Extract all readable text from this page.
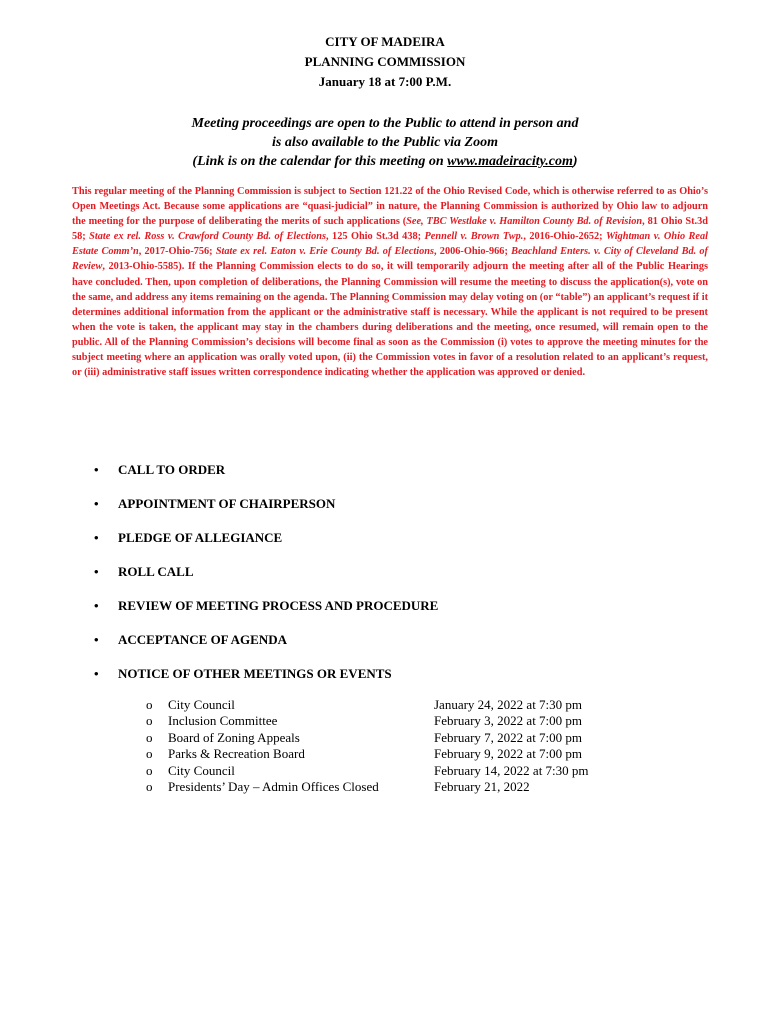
CITY OF MADEIRA
PLANNING COMMISSION
January 18 at 7:00 P.M.
Meeting proceedings are open to the Public to attend in person and
is also available to the Public via Zoom
(Link is on the calendar for this meeting on www.madeiracity.com)
This regular meeting of the Planning Commission is subject to Section 121.22 of the Ohio Revised Code, which is otherwise referred to as Ohio’s Open Meetings Act. Because some applications are “quasi-judicial” in nature, the Planning Commission is authorized by Ohio law to adjourn the meeting for the purpose of deliberating the merits of such applications (See, TBC Westlake v. Hamilton County Bd. of Revision, 81 Ohio St.3d 58; State ex rel. Ross v. Crawford County Bd. of Elections, 125 Ohio St.3d 438; Pennell v. Brown Twp., 2016-Ohio-2652; Wightman v. Ohio Real Estate Comm’n, 2017-Ohio-756; State ex rel. Eaton v. Erie County Bd. of Elections, 2006-Ohio-966; Beachland Enters. v. City of Cleveland Bd. of Review, 2013-Ohio-5585). If the Planning Commission elects to do so, it will temporarily adjourn the meeting after all of the Public Hearings have concluded. Then, upon completion of deliberations, the Planning Commission will resume the meeting to discuss the application(s), vote on the same, and address any items remaining on the agenda. The Planning Commission may delay voting on (or “table”) an applicant’s request if it determines additional information from the applicant or the administrative staff is necessary. While the applicant is not required to be present when the vote is taken, the applicant may stay in the chambers during deliberations and the meeting, once resumed, will remain open to the public. All of the Planning Commission’s decisions will become final as soon as the Commission (i) votes to approve the meeting minutes for the subject meeting where an application was orally voted upon, (ii) the Commission votes in favor of a resolution related to an applicant’s request, or (iii) administrative staff issues written correspondence indicating whether the application was approved or denied.
• CALL TO ORDER
• APPOINTMENT OF CHAIRPERSON
• PLEDGE OF ALLEGIANCE
• ROLL CALL
• REVIEW OF MEETING PROCESS AND PROCEDURE
• ACCEPTANCE OF AGENDA
• NOTICE OF OTHER MEETINGS OR EVENTS
o City Council	January 24, 2022 at 7:30 pm
o Inclusion Committee	February 3, 2022 at 7:00 pm
o Board of Zoning Appeals	February 7, 2022 at 7:00 pm
o Parks & Recreation Board	February 9, 2022 at 7:00 pm
o City Council	February 14, 2022 at 7:30 pm
o Presidents’ Day – Admin Offices Closed	February 21, 2022
